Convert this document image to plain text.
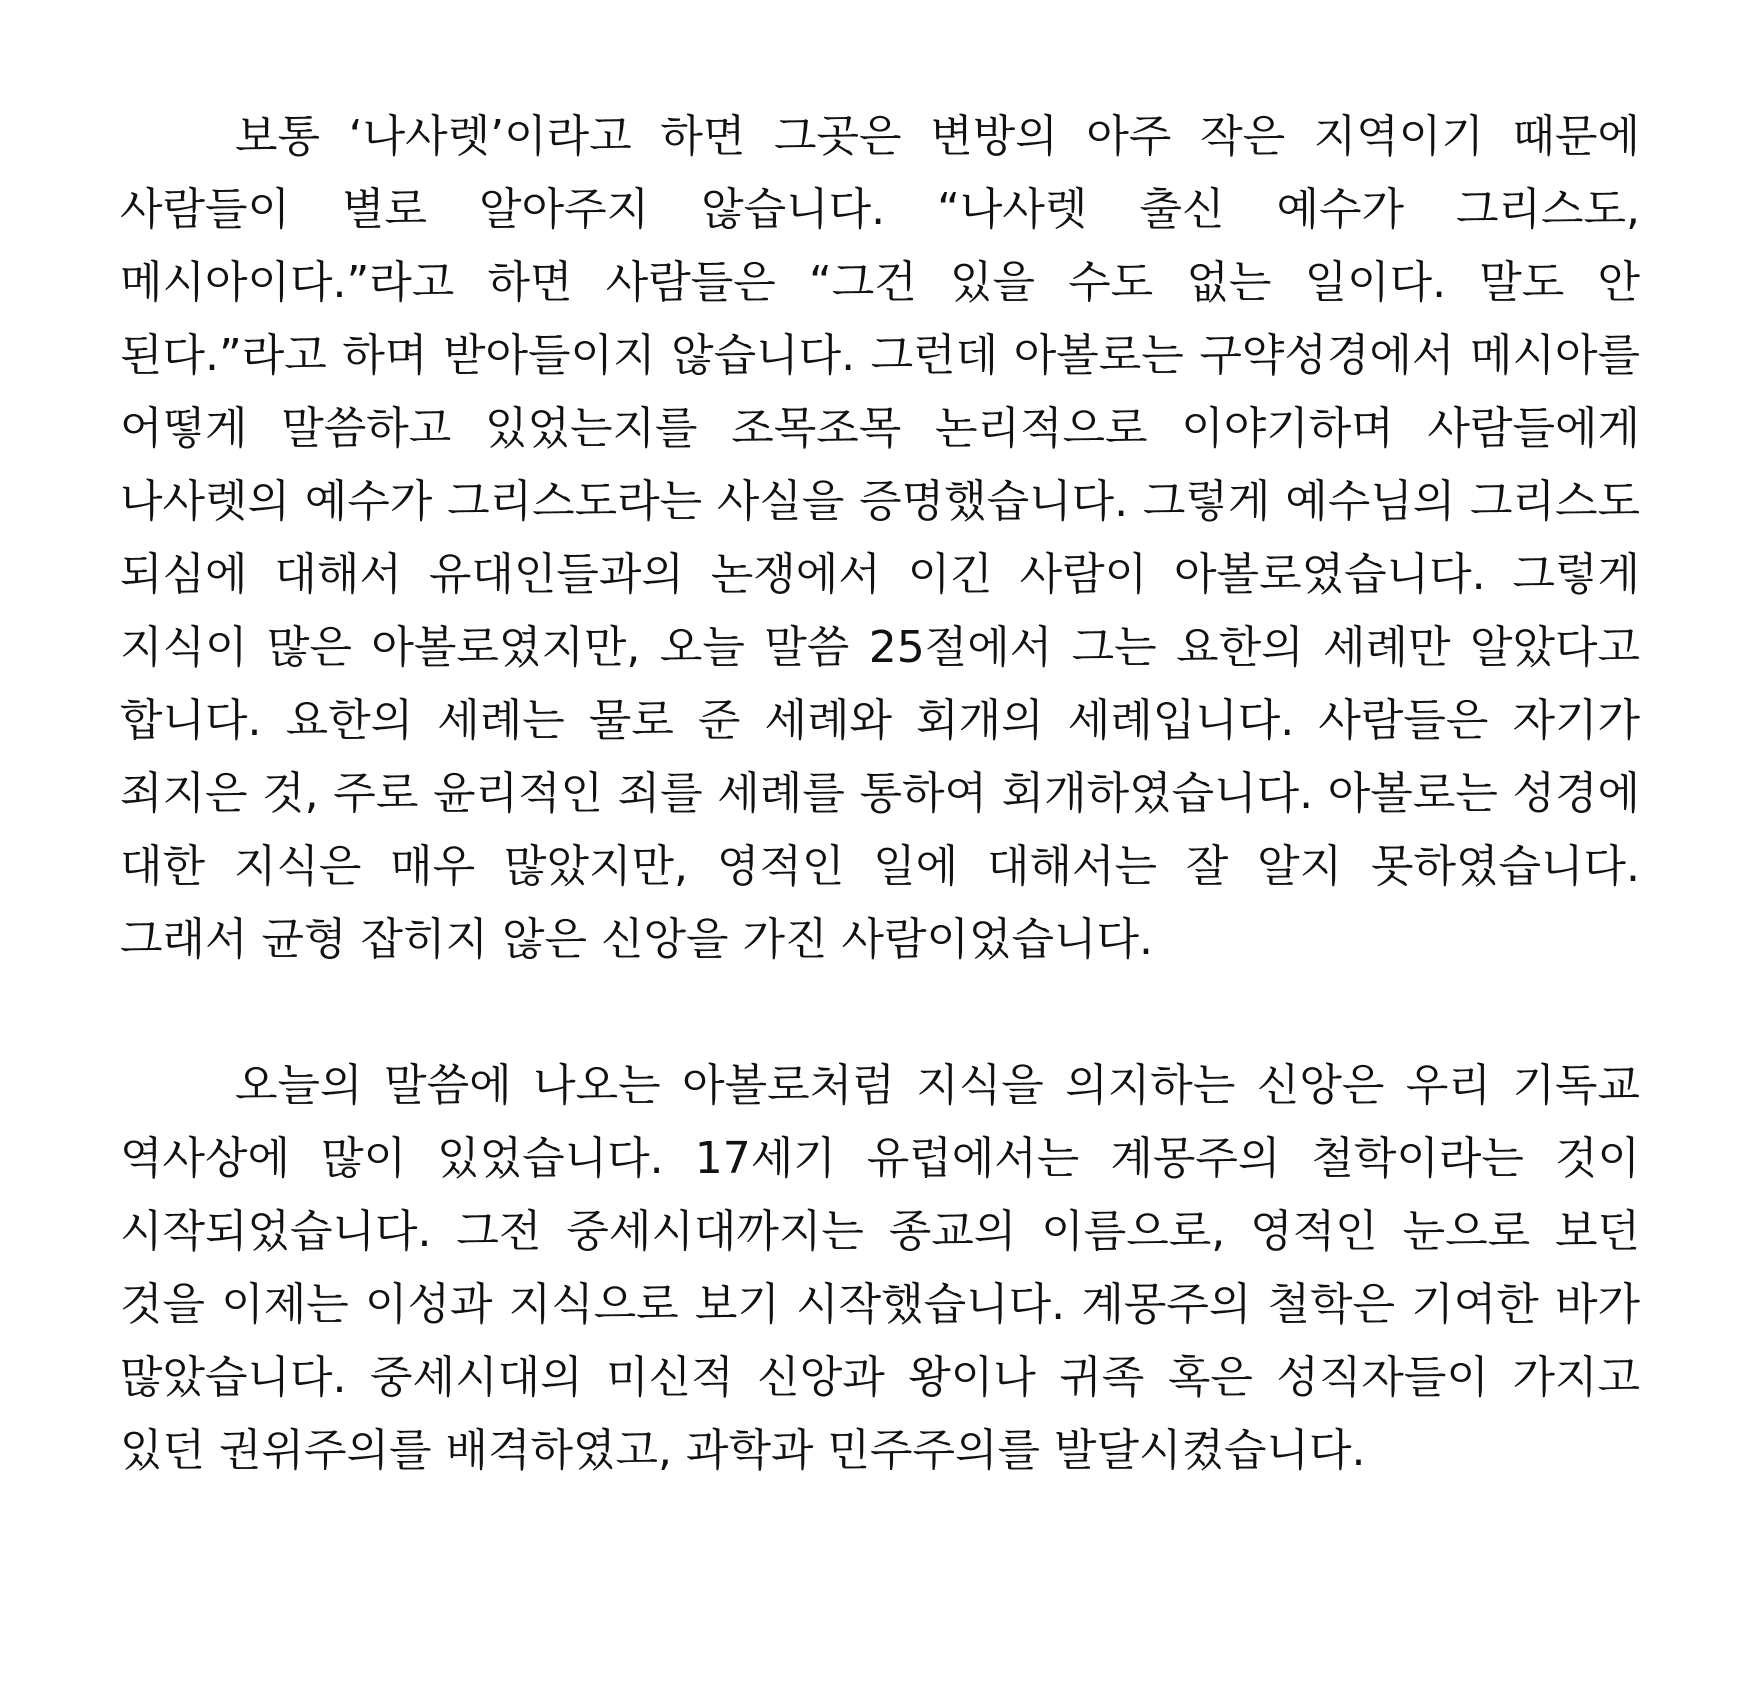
보통 ‘나사렛’이라고 하면 그곳은 변방의 아주 작은 지역이기 때문에 사람들이 별로 알아주지 않습니다. “나사렛 출신 예수가 그리스도, 메시아이다.”라고 하면 사람들은 “그건 있을 수도 없는 일이다. 말도 안 된다.”라고 하며 받아들이지 않습니다. 그런데 아볼로는 구약성경에서 메시아를 어떻게 말씀하고 있었는지를 조목조목 논리적으로 이야기하며 사람들에게 나사렛의 예수가 그리스도라는 사실을 증명했습니다. 그렇게 예수님의 그리스도 되심에 대해서 유대인들과의 논쟁에서 이긴 사람이 아볼로였습니다. 그렇게 지식이 많은 아볼로였지만, 오늘 말씀 25절에서 그는 요한의 세례만 알았다고 합니다. 요한의 세례는 물로 준 세례와 회개의 세례입니다. 사람들은 자기가 죄지은 것, 주로 윤리적인 죄를 세례를 통하여 회개하였습니다. 아볼로는 성경에 대한 지식은 매우 많았지만, 영적인 일에 대해서는 잘 알지 못하였습니다. 그래서 균형 잡히지 않은 신앙을 가진 사람이었습니다.

오늘의 말씀에 나오는 아볼로처럼 지식을 의지하는 신앙은 우리 기독교 역사상에 많이 있었습니다. 17세기 유럽에서는 계몽주의 철학이라는 것이 시작되었습니다. 그전 중세시대까지는 종교의 이름으로, 영적인 눈으로 보던 것을 이제는 이성과 지식으로 보기 시작했습니다. 계몽주의 철학은 기여한 바가 많았습니다. 중세시대의 미신적 신앙과 왕이나 귀족 혹은 성직자들이 가지고 있던 권위주의를 배격하였고, 과학과 민주주의를 발달시켰습니다.
